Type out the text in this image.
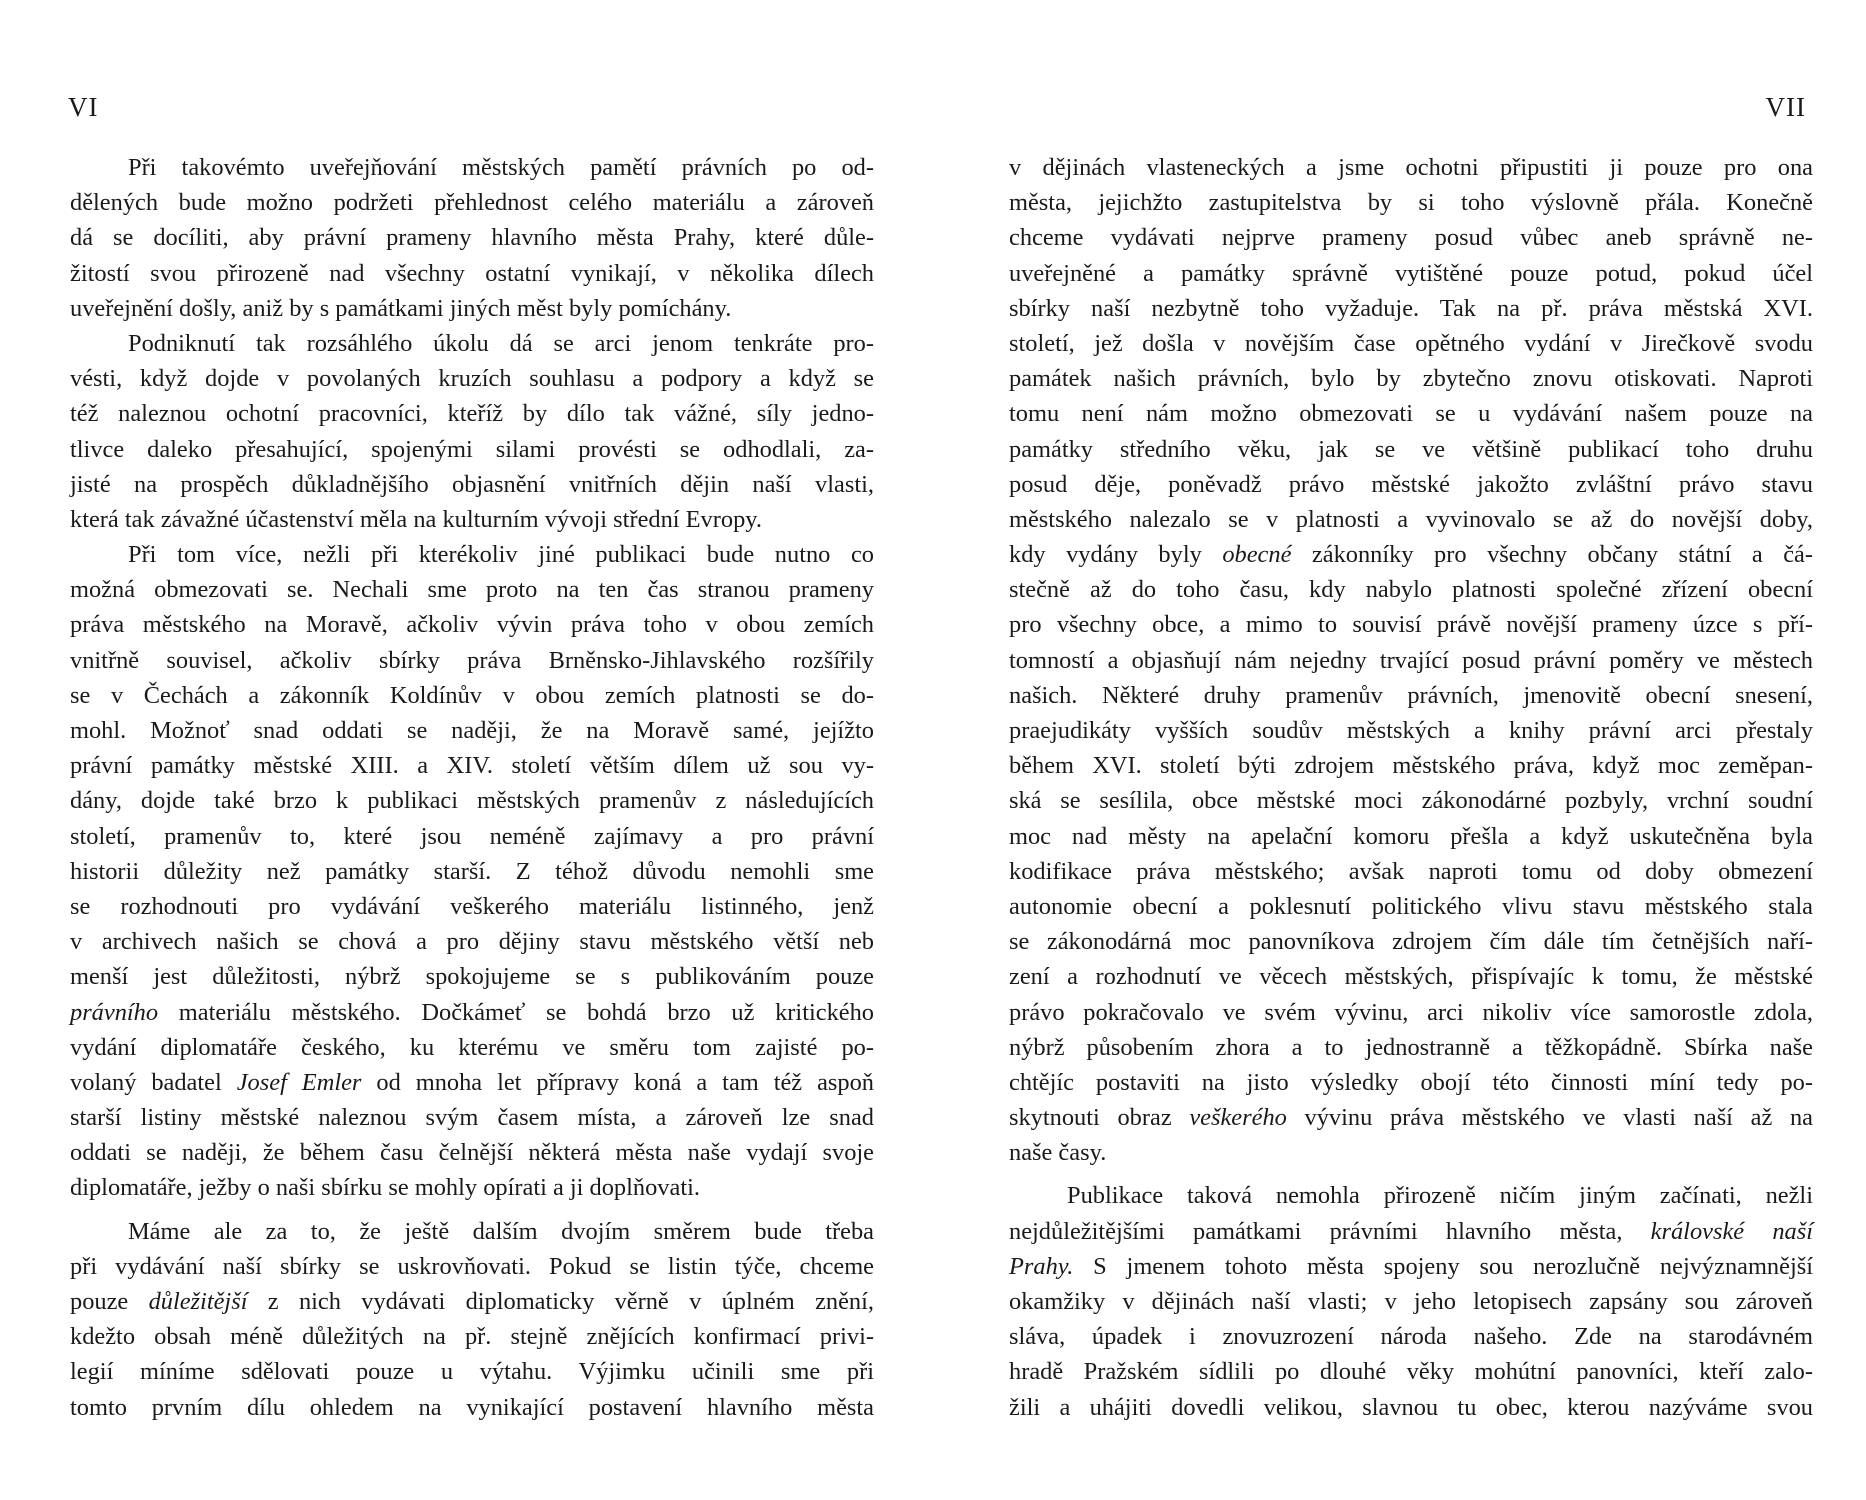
VI
Při takovémto uveřejňování městských pamětí právních po od-
dělených bude možno podržeti přehlednost celého materiálu a zároveň
dá se docíliti, aby právní prameny hlavního města Prahy, které důle-
žitostí svou přirozeně nad všechny ostatní vynikají, v několika dílech
uveřejnění došly, aniž by s památkami jiných měst byly pomíchány.
Podniknutí tak rozsáhlého úkolu dá se arci jenom tenkráte pro-
vésti, když dojde v povolaných kruzích souhlasu a podpory a když se
též naleznou ochotní pracovníci, kteříž by dílo tak vážné, síly jedno-
tlivce daleko přesahující, spojenými silami provésti se odhodlali, za-
jisté na prospěch důkladnějšího objasnění vnitřních dějin naší vlasti,
která tak závažné účastenství měla na kulturním vývoji střední Evropy.
Při tom více, nežli při kterékoliv jiné publikaci bude nutno co
možná obmezovati se. Nechali sme proto na ten čas stranou prameny
práva městského na Moravě, ačkoliv vývin práva toho v obou zemích
vnitřně souvisel, ačkoliv sbírky práva Brněnsko-Jihlavského rozšířily
se v Čechách a zákonník Koldínův v obou zemích platnosti se do-
mohl. Možnoť snad oddati se naději, že na Moravě samé, jejížto
právní památky městské XIII. a XIV. století větším dílem už sou vy-
dány, dojde také brzo k publikaci městských pramenův z následujících
století, pramenův to, které jsou neméně zajímavy a pro právní
historii důležity než památky starší. Z téhož důvodu nemohli sme
se rozhodnouti pro vydávání veškerého materiálu listinného, jenž
v archivech našich se chová a pro dějiny stavu městského větší neb
menší jest důležitosti, nýbrž spokojujeme se s publikováním pouze
právního materiálu městského. Dočkámeť se bohdá brzo už kritického
vydání diplomatáře českého, ku kterému ve směru tom zajisté po-
volaný badatel Josef Emler od mnoha let přípravy koná a tam též aspoň
starší listiny městské naleznou svým časem místa, a zároveň lze snad
oddati se naději, že během času čelnější některá města naše vydají svoje
diplomatáře, ježby o naši sbírku se mohly opírati a ji doplňovati.
Máme ale za to, že ještě dalším dvojím směrem bude třeba
při vydávání naší sbírky se uskrovňovati. Pokud se listin týče, chceme
pouze důležitější z nich vydávati diplomaticky věrně v úplném znění,
kdežto obsah méně důležitých na př. stejně znějících konfirmací privi-
legií míníme sdělovati pouze u výtahu. Výjimku učinili sme při
tomto prvním dílu ohledem na vynikající postavení hlavního města
VII
v dějinách vlasteneckých a jsme ochotni připustiti ji pouze pro ona
města, jejichžto zastupitelstva by si toho výslovně přála. Konečně
chceme vydávati nejprve prameny posud vůbec aneb správně ne-
uveřejněné a památky správně vytištěné pouze potud, pokud účel
sbírky naší nezbytně toho vyžaduje. Tak na př. práva městská XVI.
století, jež došla v novějším čase opětného vydání v Jirečkově svodu
památek našich právních, bylo by zbytečno znovu otiskovati. Naproti
tomu není nám možno obmezovati se u vydávání našem pouze na
památky středního věku, jak se ve většině publikací toho druhu
posud děje, poněvadž právo městské jakožto zvláštní právo stavu
městského nalezalo se v platnosti a vyvinovalo se až do novější doby,
kdy vydány byly obecné zákonníky pro všechny občany státní a čá-
stečně až do toho času, kdy nabylo platnosti společné zřízení obecní
pro všechny obce, a mimo to souvisí právě novější prameny úzce s pří-
tomností a objasňují nám nejedny trvající posud právní poměry ve městech
našich. Některé druhy pramenův právních, jmenovitě obecní snesení,
praejudikáty vyšších soudův městských a knihy právní arci přestaly
během XVI. století býti zdrojem městského práva, když moc zeměpan-
ská se sesílila, obce městské moci zákonodárné pozbyly, vrchní soudní
moc nad městy na apelační komoru přešla a když uskutečněna byla
kodifikace práva městského; avšak naproti tomu od doby obmezení
autonomie obecní a poklesnutí politického vlivu stavu městského stala
se zákonodárná moc panovníkova zdrojem čím dále tím četnějších naří-
zení a rozhodnutí ve věcech městských, přispívajíc k tomu, že městské
právo pokračovalo ve svém vývinu, arci nikoliv více samorostle zdola,
nýbrž působením zhora a to jednostranně a těžkopádně. Sbírka naše
chtějíc postaviti na jisto výsledky obojí této činnosti míní tedy po-
skytnouti obraz veškerého vývinu práva městského ve vlasti naší až na
naše časy.
Publikace taková nemohla přirozeně ničím jiným začínati, nežli
nejdůležitějšími památkami právními hlavního města, královské naší
Prahy. S jmenem tohoto města spojeny sou nerozlučně nejvýznamnější
okamžiky v dějinách naší vlasti; v jeho letopisech zapsány sou zároveň
sláva, úpadek i znovuzrození národa našeho. Zde na starodávném
hradě Pražském sídlili po dlouhé věky mohútní panovníci, kteří zalo-
žili a uhájiti dovedli velikou, slavnou tu obec, kterou nazýváme svou
